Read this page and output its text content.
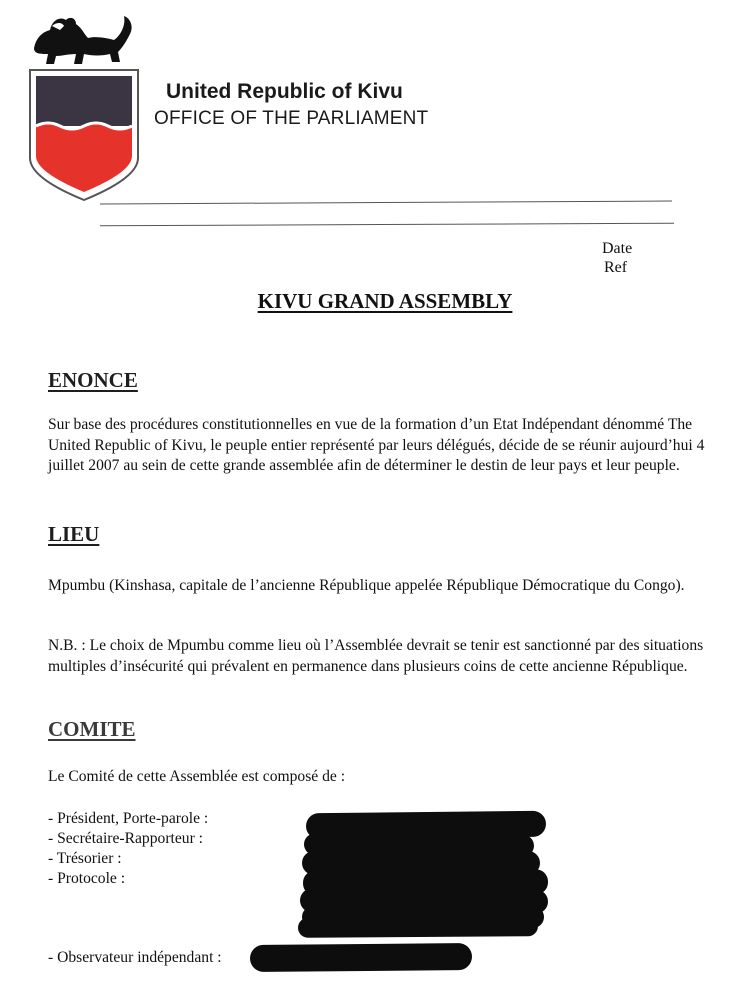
United Republic of Kivu
OFFICE OF THE PARLIAMENT
Date
Ref
KIVU GRAND ASSEMBLY
ENONCE
Sur base des procédures constitutionnelles en vue de la formation d’un Etat Indépendant dénommé The United Republic of Kivu, le peuple entier représenté par leurs délégués, décide de se réunir aujourd’hui 4 juillet 2007 au sein de cette grande assemblée afin de déterminer le destin de leur pays et leur peuple.
LIEU
Mpumbu (Kinshasa, capitale de l’ancienne République appelée République Démocratique du Congo).
N.B. : Le choix de Mpumbu comme lieu où l’Assemblée devrait se tenir est sanctionné par des situations multiples d’insécurité qui prévalent en permanence dans plusieurs coins de cette ancienne République.
COMITE
Le Comité de cette Assemblée est composé de :
- Président, Porte-parole :
- Secrétaire-Rapporteur :
- Trésorier :
- Protocole :
- Observateur indépendant :
